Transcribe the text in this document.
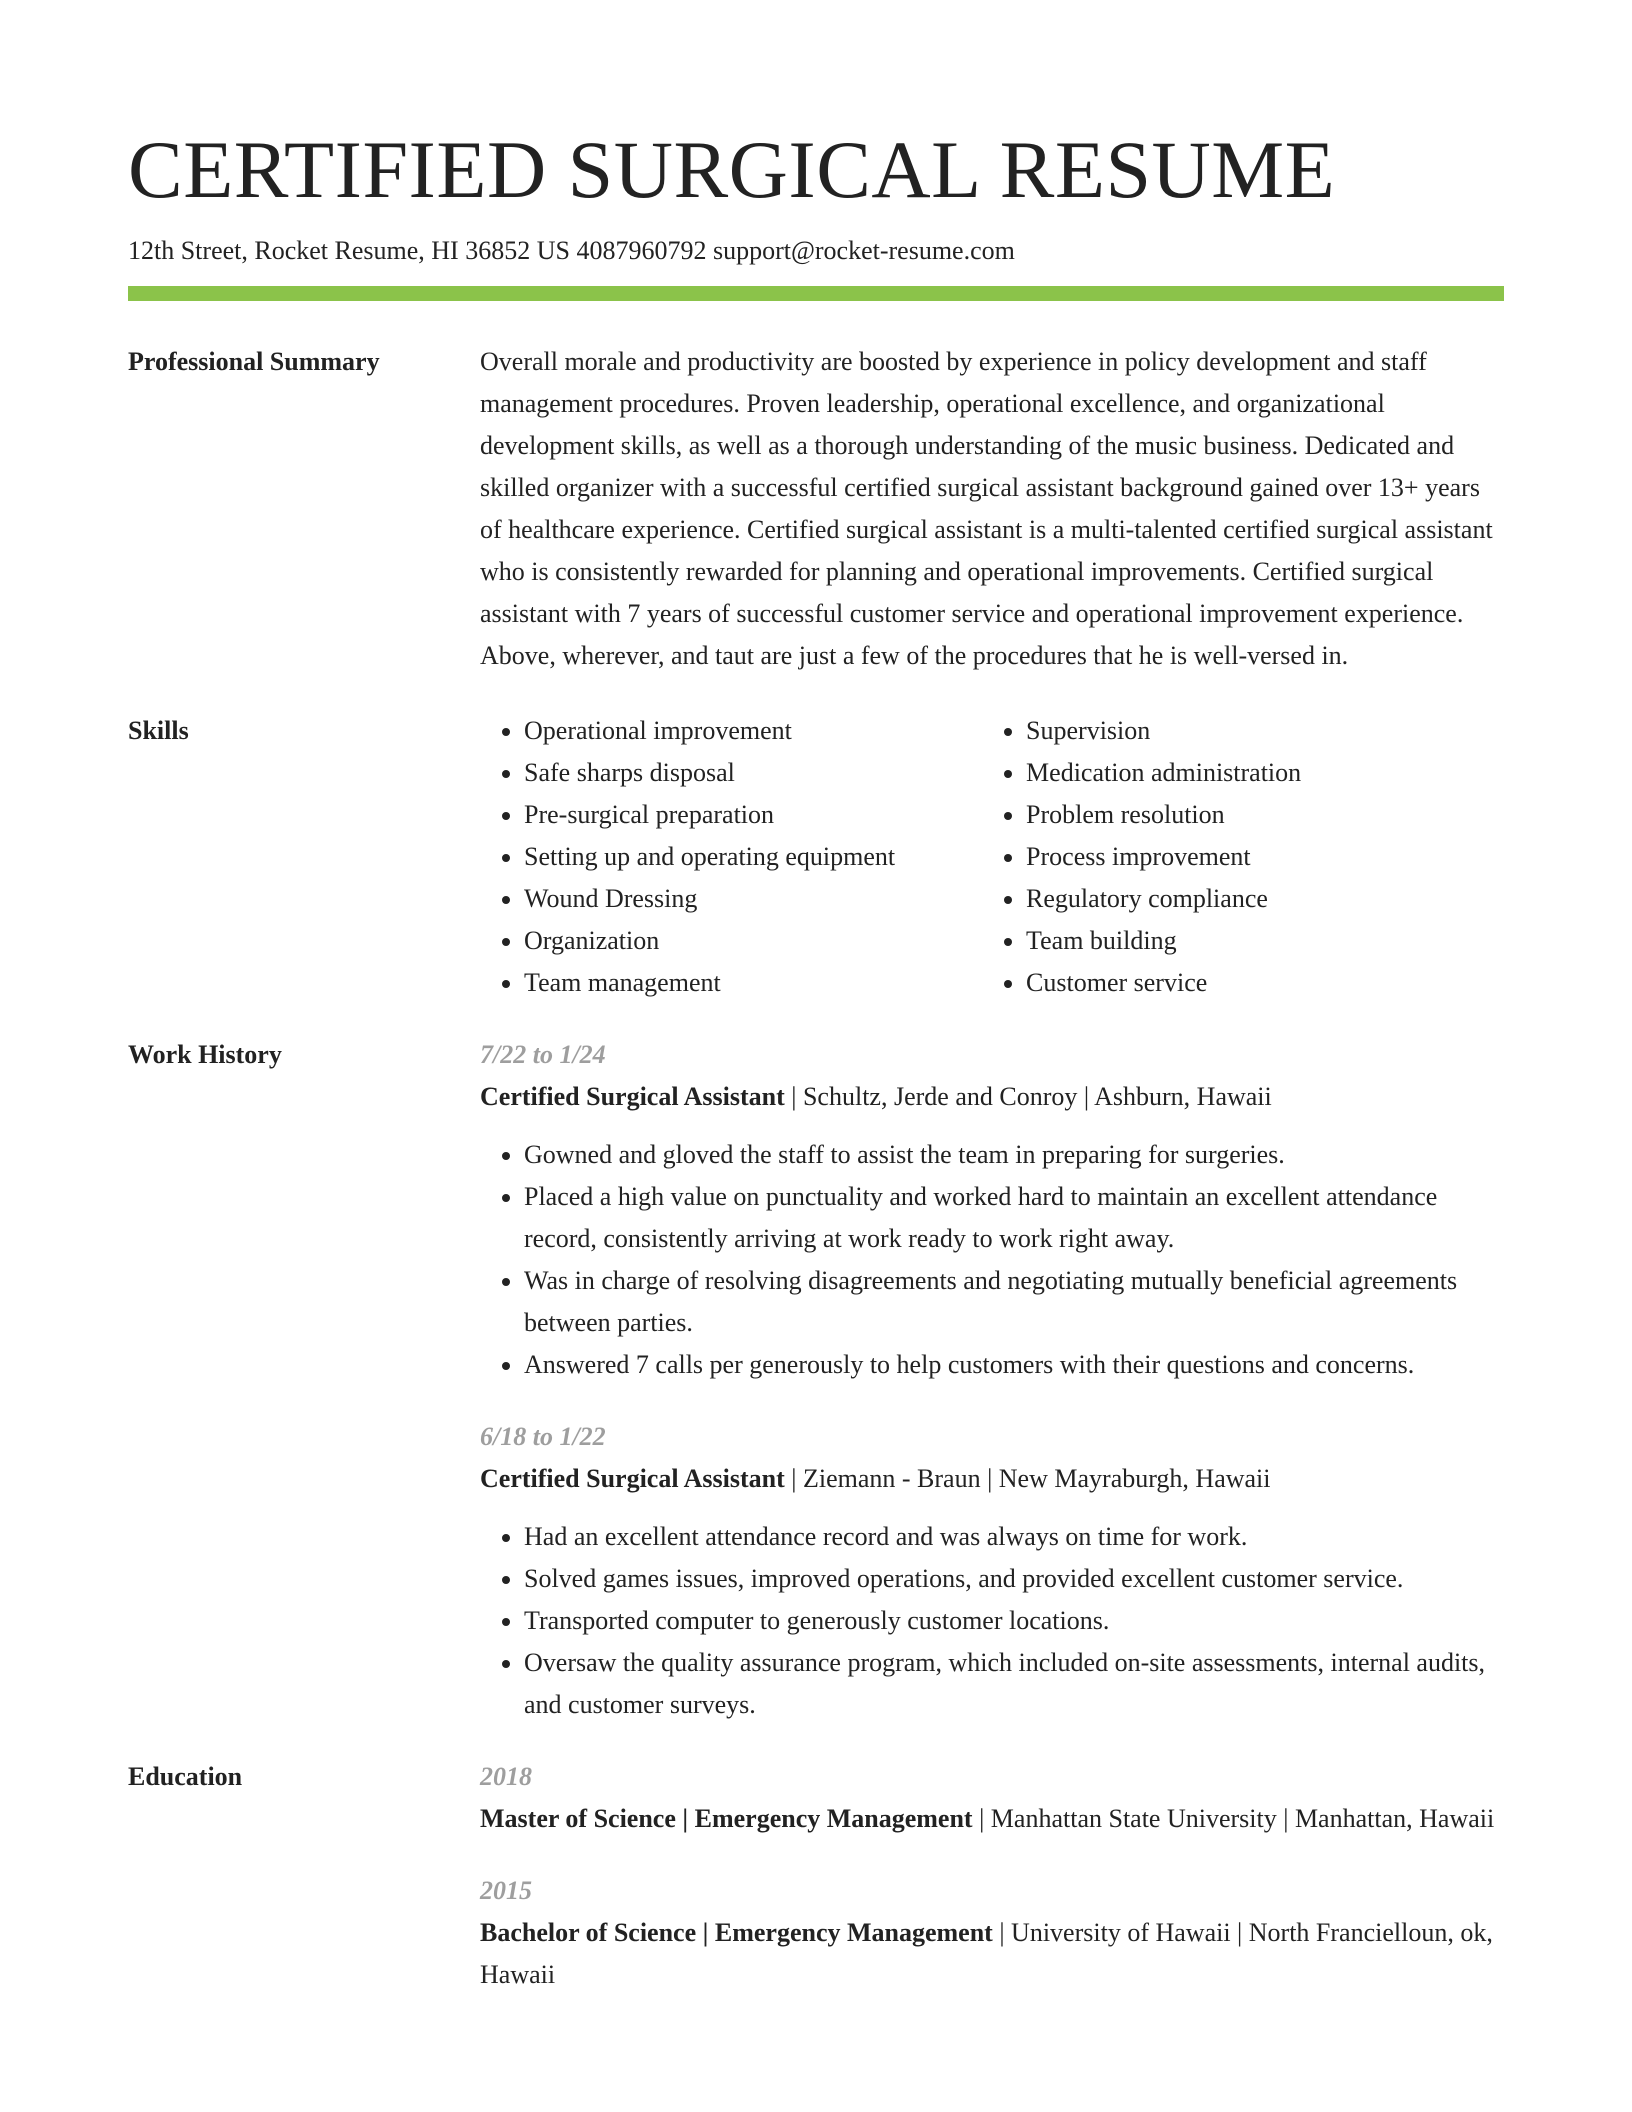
CERTIFIED SURGICAL RESUME
12th Street, Rocket Resume, HI 36852 US 4087960792 support@rocket-resume.com
Professional Summary	Overall morale and productivity are boosted by experience in policy development and staff management procedures. Proven leadership, operational excellence, and organizational development skills, as well as a thorough understanding of the music business. Dedicated and skilled organizer with a successful certified surgical assistant background gained over 13+ years of healthcare experience. Certified surgical assistant is a multi-talented certified surgical assistant who is consistently rewarded for planning and operational improvements. Certified surgical assistant with 7 years of successful customer service and operational improvement experience. Above, wherever, and taut are just a few of the procedures that he is well-versed in.

Skills
•	Operational improvement
• Safe sharps disposal
• Pre-surgical preparation
• Setting up and operating equipment
• Wound Dressing
• Organization
• Team management
• Supervision
• Medication administration
• Problem resolution
• Process improvement
• Regulatory compliance
• Team building
• Customer service
Work History	7/22 to 1/24
Certified Surgical Assistant | Schultz, Jerde and Conroy | Ashburn, Hawaii
• Gowned and gloved the staff to assist the team in preparing for surgeries.
• Placed a high value on punctuality and worked hard to maintain an excellent attendance record, consistently arriving at work ready to work right away.
• Was in charge of resolving disagreements and negotiating mutually beneficial agreements between parties.
• Answered 7 calls per generously to help customers with their questions and concerns.
6/18 to 1/22
Certified Surgical Assistant | Ziemann - Braun | New Mayraburgh, Hawaii
• Had an excellent attendance record and was always on time for work.
• Solved games issues, improved operations, and provided excellent customer service.
• Transported computer to generously customer locations.
• Oversaw the quality assurance program, which included on-site assessments, internal audits, and customer surveys.
Education	2018
Master of Science | Emergency Management | Manhattan State University | Manhattan, Hawaii
2015
Bachelor of Science | Emergency Management | University of Hawaii | North Francielloun, ok, Hawaii
